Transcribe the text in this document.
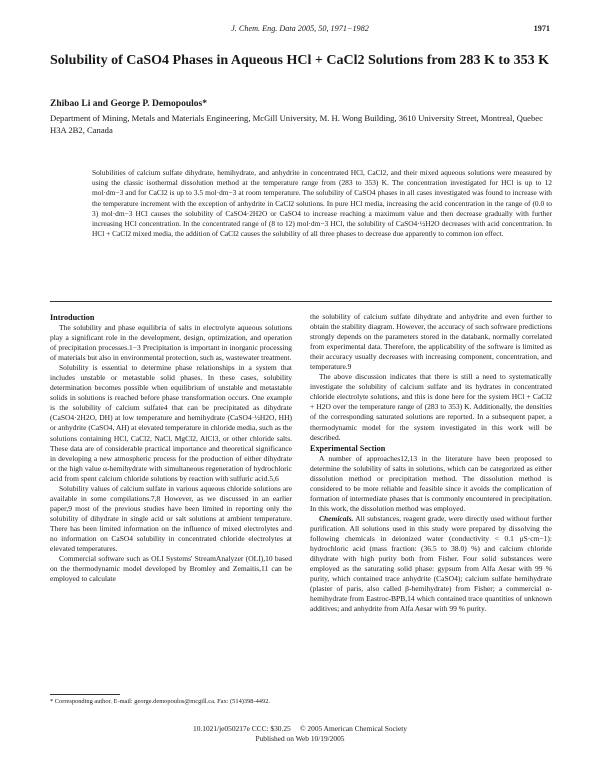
J. Chem. Eng. Data 2005, 50, 1971−1982	1971
Solubility of CaSO4 Phases in Aqueous HCl + CaCl2 Solutions from 283 K to 353 K
Zhibao Li and George P. Demopoulos*
Department of Mining, Metals and Materials Engineering, McGill University, M. H. Wong Building, 3610 University Street, Montreal, Quebec H3A 2B2, Canada

Solubilities of calcium sulfate dihydrate, hemihydrate, and anhydrite in concentrated HCl, CaCl2, and their mixed aqueous solutions were measured by using the classic isothermal dissolution method at the temperature range from (283 to 353) K. The concentration investigated for HCl is up to 12 mol·dm−3 and for CaCl2 is up to 3.5 mol·dm−3 at room temperature. The solubility of CaSO4 phases in all cases investigated was found to increase with the temperature increment with the exception of anhydrite in CaCl2 solutions. In pure HCl media, increasing the acid concentration in the range of (0.0 to 3) mol·dm−3 HCl causes the solubility of CaSO4·2H2O or CaSO4 to increase reaching a maximum value and then decrease gradually with further increasing HCl concentration. In the concentrated range of (8 to 12) mol·dm−3 HCl, the solubility of CaSO4·½H2O decreases with acid concentration. In HCl + CaCl2 mixed media, the addition of CaCl2 causes the solubility of all three phases to decrease due apparently to common ion effect.

Introduction

The solubility and phase equilibria of salts in electrolyte aqueous solutions play a significant role in the development, design, optimization, and operation of precipitation processes.1−3 Precipitation is important in inorganic processing of materials but also in environmental protection, such as, wastewater treatment.

Solubility is essential to determine phase relationships in a system that includes unstable or metastable solid phases. In these cases, solubility determination becomes possible when equilibrium of unstable and metastable solids in solutions is reached before phase transformation occurs. One example is the solubility of calcium sulfate4 that can be precipitated as dihydrate (CaSO4·2H2O, DH) at low temperature and hemihydrate (CaSO4·½H2O, HH) or anhydrite (CaSO4, AH) at elevated temperature in chloride media, such as the solutions containing HCl, CaCl2, NaCl, MgCl2, AlCl3, or other chloride salts. These data are of considerable practical importance and theoretical significance in developing a new atmospheric process for the production of either dihydrate or the high value α-hemihydrate with simultaneous regeneration of hydrochloric acid from spent calcium chloride solutions by reaction with sulfuric acid.5,6

Solubility values of calcium sulfate in various aqueous chloride solutions are available in some compilations.7,8 However, as we discussed in an earlier paper,9 most of the previous studies have been limited in reporting only the solubility of dihydrate in single acid or salt solutions at ambient temperature. There has been limited information on the influence of mixed electrolytes and no information on CaSO4 solubility in concentrated chloride electrolytes at elevated temperatures.

Commercial software such as OLI Systems' StreamAnalyzer (OLI),10 based on the thermodynamic model developed by Bromley and Zemaitis,11 can be employed to calculate

the solubility of calcium sulfate dihydrate and anhydrite and even further to obtain the stability diagram. However, the accuracy of such software predictions strongly depends on the parameters stored in the databank, normally correlated from experimental data. Therefore, the applicability of the software is limited as their accuracy usually decreases with increasing component, concentration, and temperature.9

The above discussion indicates that there is still a need to systematically investigate the solubility of calcium sulfate and its hydrates in concentrated chloride electrolyte solutions, and this is done here for the system HCl + CaCl2 + H2O over the temperature range of (283 to 353) K. Additionally, the densities of the corresponding saturated solutions are reported. In a subsequent paper, a thermodynamic model for the system investigated in this work will be described.

Experimental Section

A number of approaches12,13 in the literature have been proposed to determine the solubility of salts in solutions, which can be categorized as either dissolution method or precipitation method. The dissolution method is considered to be more reliable and feasible since it avoids the complication of formation of intermediate phases that is commonly encountered in precipitation. In this work, the dissolution method was employed.

Chemicals. All substances, reagent grade, were directly used without further purification. All solutions used in this study were prepared by dissolving the following chemicals in deionized water (conductivity < 0.1 μS·cm−1): hydrochloric acid (mass fraction: (36.5 to 38.0) %) and calcium chloride dihydrate with high purity both from Fisher. Four solid substances were employed as the saturating solid phase: gypsum from Alfa Aesar with 99 % purity, which contained trace anhydrite (CaSO4); calcium sulfate hemihydrate (plaster of paris, also called β-hemihydrate) from Fisher; a commercial α-hemihydrate from Eastroc-BPB,14 which contained trace quantities of unknown additives; and anhydrite from Alfa Aesar with 99 % purity.

* Corresponding author. E-mail: george.demopoulos@mcgill.ca. Fax: (514)398-4492.

10.1021/je050217e CCC: $30.25     © 2005 American Chemical Society
Published on Web 10/19/2005
